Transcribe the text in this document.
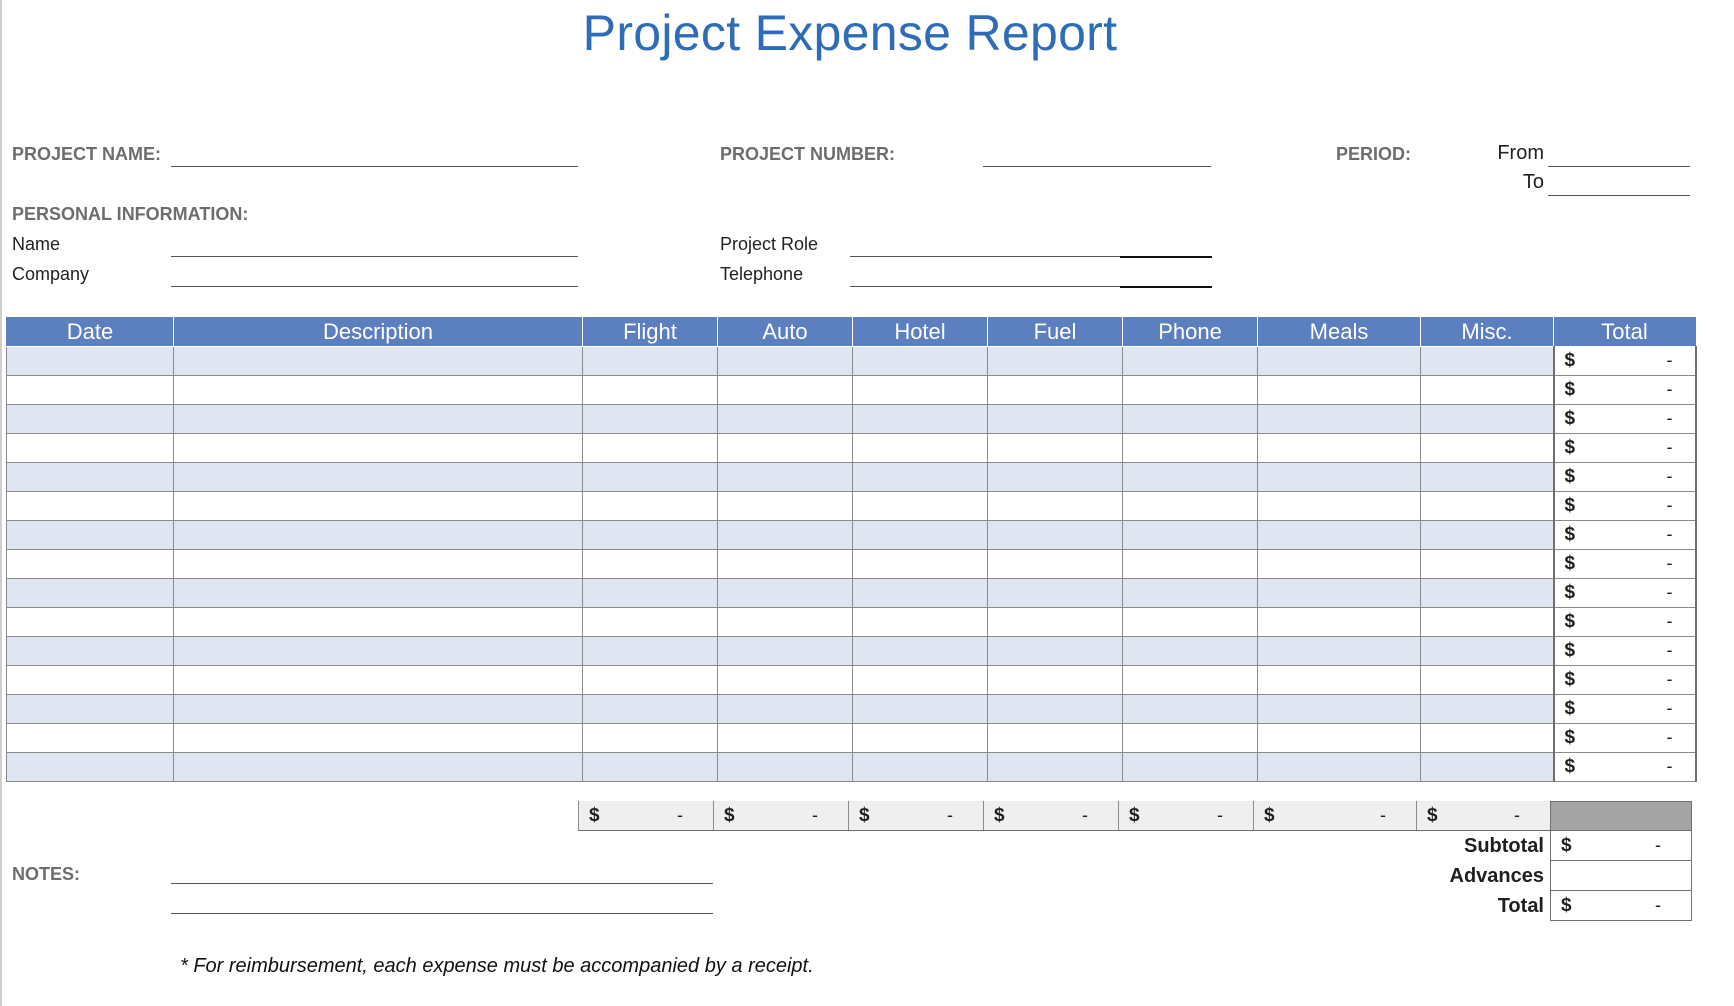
Project Expense Report
PROJECT NAME:	PROJECT NUMBER:	PERIOD:	From
To
PERSONAL INFORMATION:
Name
Company
Project Role
Telephone
Date	Description	Flight	Auto	Hotel	Fuel	Phone	Meals	Misc.	Total

									$ -

									$ -

									$ -

									$ -

									$ -

									$ -

									$ -

									$ -

									$ -

									$ -

									$ -

									$ -

									$ -

									$ -

									$ -
$	- $	- $	- $	- $	- $	- $	-
Subtotal $	-
Advances
Total $	-
NOTES:
* For reimbursement, each expense must be accompanied by a receipt.
